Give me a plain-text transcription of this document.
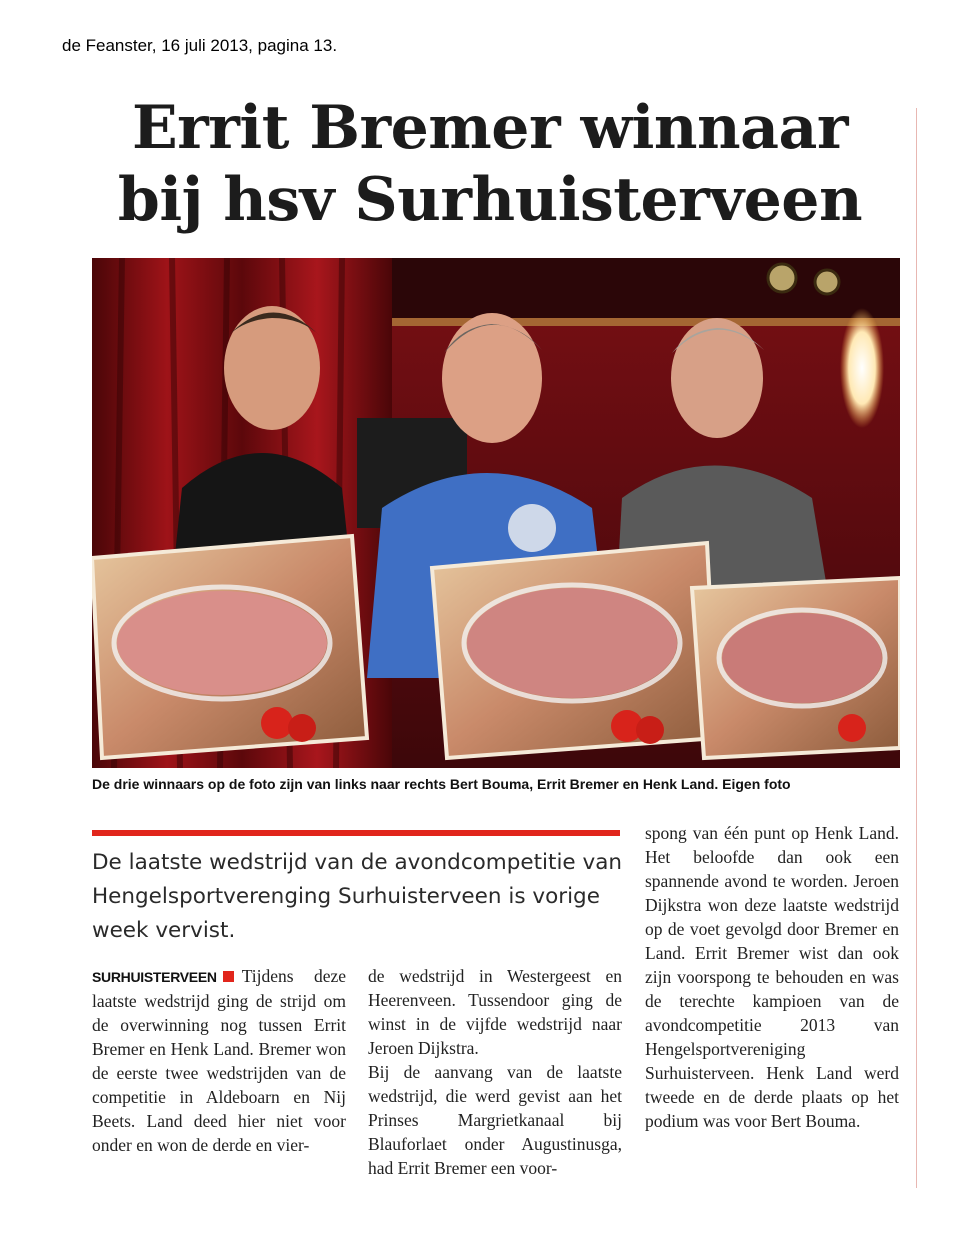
de Feanster, 16 juli 2013, pagina 13.
Errit Bremer winnaar
bij hsv Surhuisterveen
De drie winnaars op de foto zijn van links naar rechts Bert Bouma, Errit Bremer en Henk Land. Eigen foto

De laatste wedstrijd van de avondcompetitie van Hengelsportverenging Surhuisterveen is vorige week vervist.

SURHUISTERVEEN Tijdens deze laatste wedstrijd ging de strijd om de overwinning nog tussen Errit Bremer en Henk Land. Bremer won de eerste twee wedstrijden van de competitie in Aldeboarn en Nij Beets. Land deed hier niet voor onder en won de derde en vier-

de wedstrijd in Westergeest en Heerenveen. Tussendoor ging de winst in de vijfde wedstrijd naar Jeroen Dijkstra.

Bij de aanvang van de laatste wedstrijd, die werd gevist aan het Prinses Margrietkanaal bij Blauforlaet onder Augustinusga, had Errit Bremer een voor-

spong van één punt op Henk Land. Het beloofde dan ook een spannende avond te worden. Jeroen Dijkstra won deze laatste wedstrijd op de voet gevolgd door Bremer en Land. Errit Bremer wist dan ook zijn voorspong te behouden en was de terechte kampioen van de avondcompetitie 2013 van Hengelsportvereniging Surhuisterveen. Henk Land werd tweede en de derde plaats op het podium was voor Bert Bouma.
